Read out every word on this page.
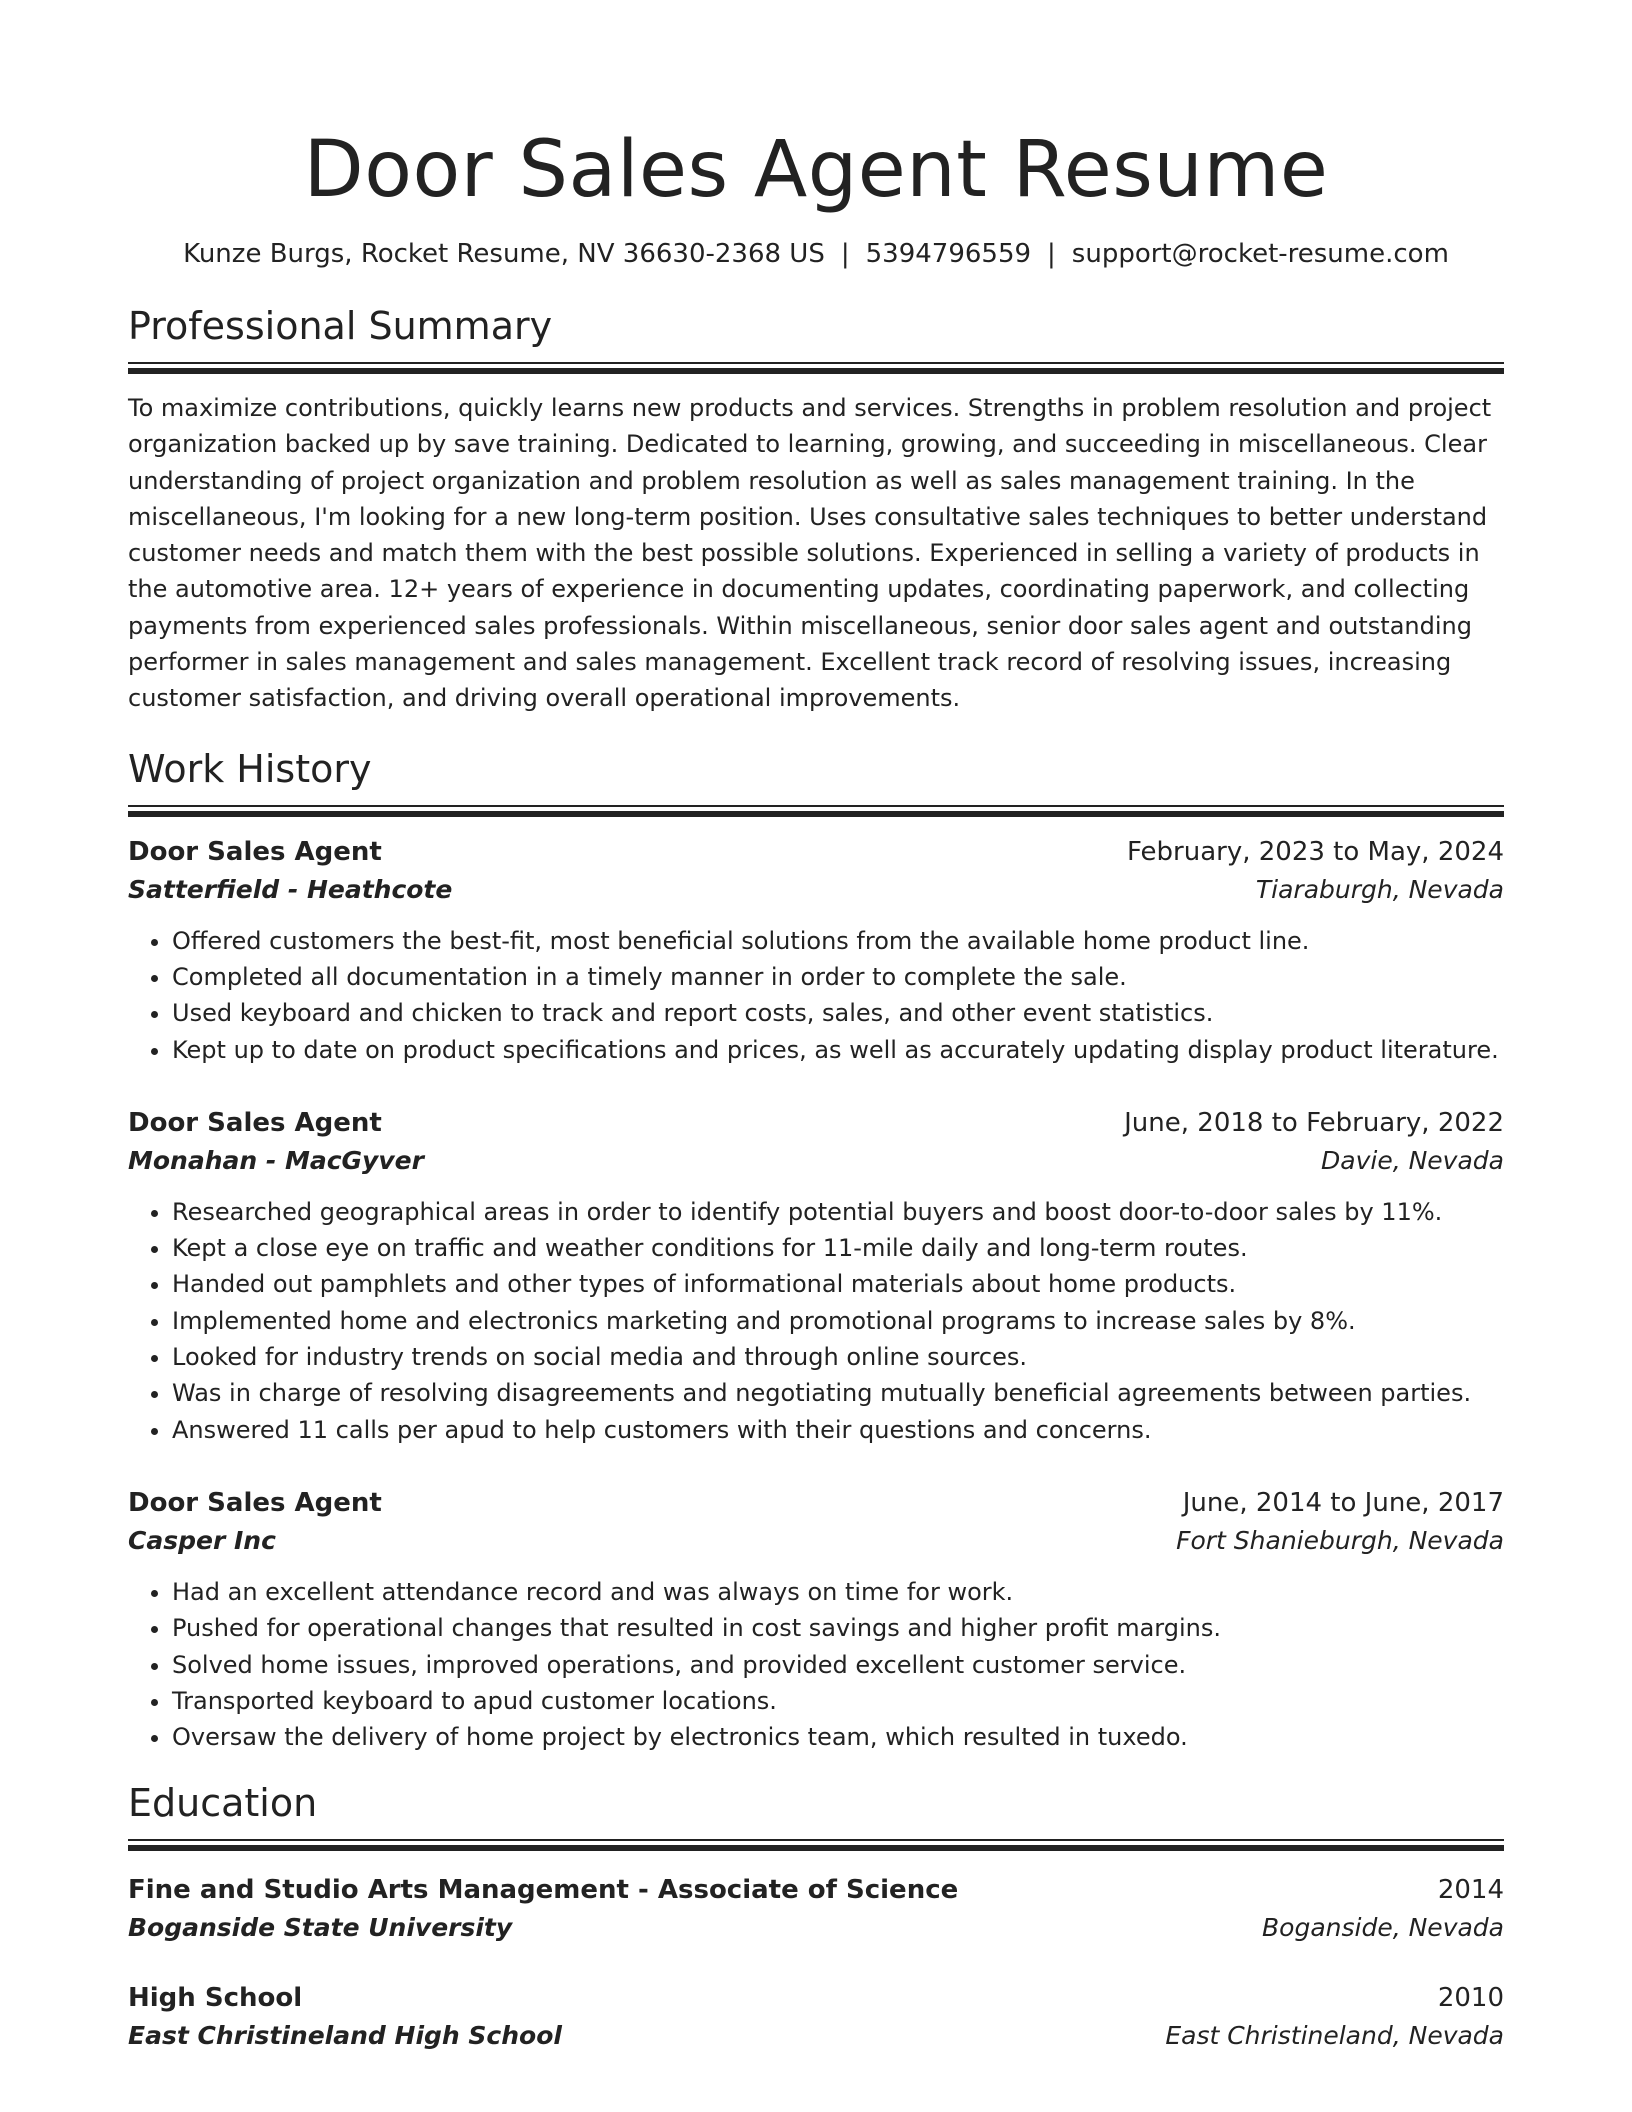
Door Sales Agent Resume
Kunze Burgs, Rocket Resume, NV 36630-2368 US | 5394796559 | support@rocket-resume.com
Professional Summary

To maximize contributions, quickly learns new products and services. Strengths in problem resolution and project organization backed up by save training. Dedicated to learning, growing, and succeeding in miscellaneous. Clear understanding of project organization and problem resolution as well as sales management training. In the miscellaneous, I'm looking for a new long-term position. Uses consultative sales techniques to better understand customer needs and match them with the best possible solutions. Experienced in selling a variety of products in the automotive area. 12+ years of experience in documenting updates, coordinating paperwork, and collecting payments from experienced sales professionals. Within miscellaneous, senior door sales agent and outstanding performer in sales management and sales management. Excellent track record of resolving issues, increasing customer satisfaction, and driving overall operational improvements.

Work History
Door Sales Agent	February, 2023 to May, 2024
Satterfield - Heathcote	Tiaraburgh, Nevada
• Offered customers the best-fit, most beneficial solutions from the available home product line.
• Completed all documentation in a timely manner in order to complete the sale.
• Used keyboard and chicken to track and report costs, sales, and other event statistics.
• Kept up to date on product specifications and prices, as well as accurately updating display product literature.
Door Sales Agent	June, 2018 to February, 2022
Monahan - MacGyver	Davie, Nevada
• Researched geographical areas in order to identify potential buyers and boost door-to-door sales by 11%.
• Kept a close eye on traffic and weather conditions for 11-mile daily and long-term routes.
• Handed out pamphlets and other types of informational materials about home products.
• Implemented home and electronics marketing and promotional programs to increase sales by 8%.
• Looked for industry trends on social media and through online sources.
• Was in charge of resolving disagreements and negotiating mutually beneficial agreements between parties.
• Answered 11 calls per apud to help customers with their questions and concerns.
Door Sales Agent	June, 2014 to June, 2017
Casper Inc	Fort Shanieburgh, Nevada
• Had an excellent attendance record and was always on time for work.
• Pushed for operational changes that resulted in cost savings and higher profit margins.
• Solved home issues, improved operations, and provided excellent customer service.
• Transported keyboard to apud customer locations.
• Oversaw the delivery of home project by electronics team, which resulted in tuxedo.
Education
Fine and Studio Arts Management - Associate of Science	2014
Boganside State University	Boganside, Nevada
High School	2010
East Christineland High School	East Christineland, Nevada
